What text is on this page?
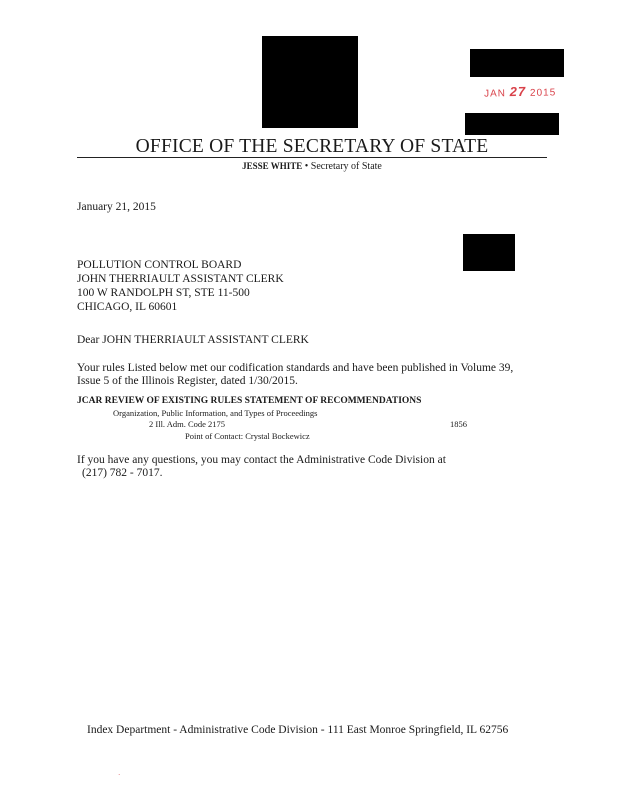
JAN 27 2015
OFFICE OF THE SECRETARY OF STATE
JESSE WHITE • Secretary of State
January 21, 2015
POLLUTION CONTROL BOARD
JOHN THERRIAULT ASSISTANT CLERK
100 W RANDOLPH ST, STE 11-500
CHICAGO, IL 60601
Dear JOHN THERRIAULT ASSISTANT CLERK
Your rules Listed below met our codification standards and have been published in Volume 39,
Issue 5 of the Illinois Register, dated 1/30/2015.
JCAR REVIEW OF EXISTING RULES STATEMENT OF RECOMMENDATIONS
Organization, Public Information, and Types of Proceedings
2 Ill. Adm. Code 2175	1856
Point of Contact: Crystal Bockewicz
If you have any questions, you may contact the Administrative Code Division at
(217) 782 - 7017.
Index Department - Administrative Code Division - 111 East Monroe Springfield, IL 62756
·
